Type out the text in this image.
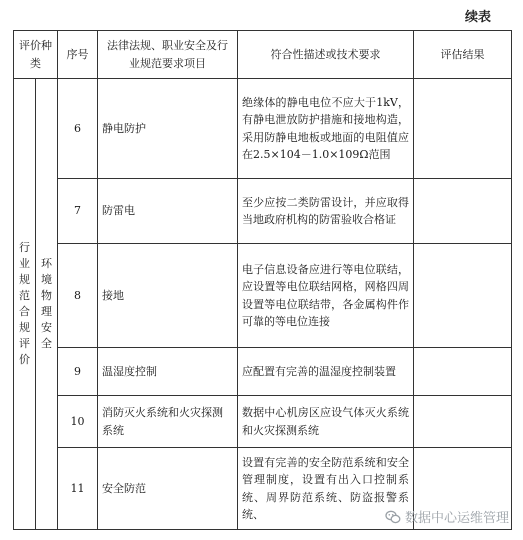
续表
评价种类		序号	法律法规、职业安全及行业规范要求项目	符合性描述或技术要求	评估结果

行业规范合规评价	环境物理安全	6	静电防护	绝缘体的静电电位不应大于1kV，有静电泄放防护措施和接地构造，采用防静电地板或地面的电阻值应在2.5×104－1.0×109Ω范围	
		7	防雷电	至少应按二类防雷设计，并应取得当地政府机构的防雷验收合格证	
		8	接地	电子信息设备应进行等电位联结，应设置等电位联结网格，网格四周设置等电位联结带，各金属构件作可靠的等电位连接	
		9	温湿度控制	应配置有完善的温湿度控制装置	
		10	消防灭火系统和火灾探测系统	数据中心机房区应设气体灭火系统和火灾探测系统	
		11	安全防范	设置有完善的安全防范系统和安全管理制度，设置有出入口控制系统、周界防范系统、防盗报警系统、		数据中心运维管理
